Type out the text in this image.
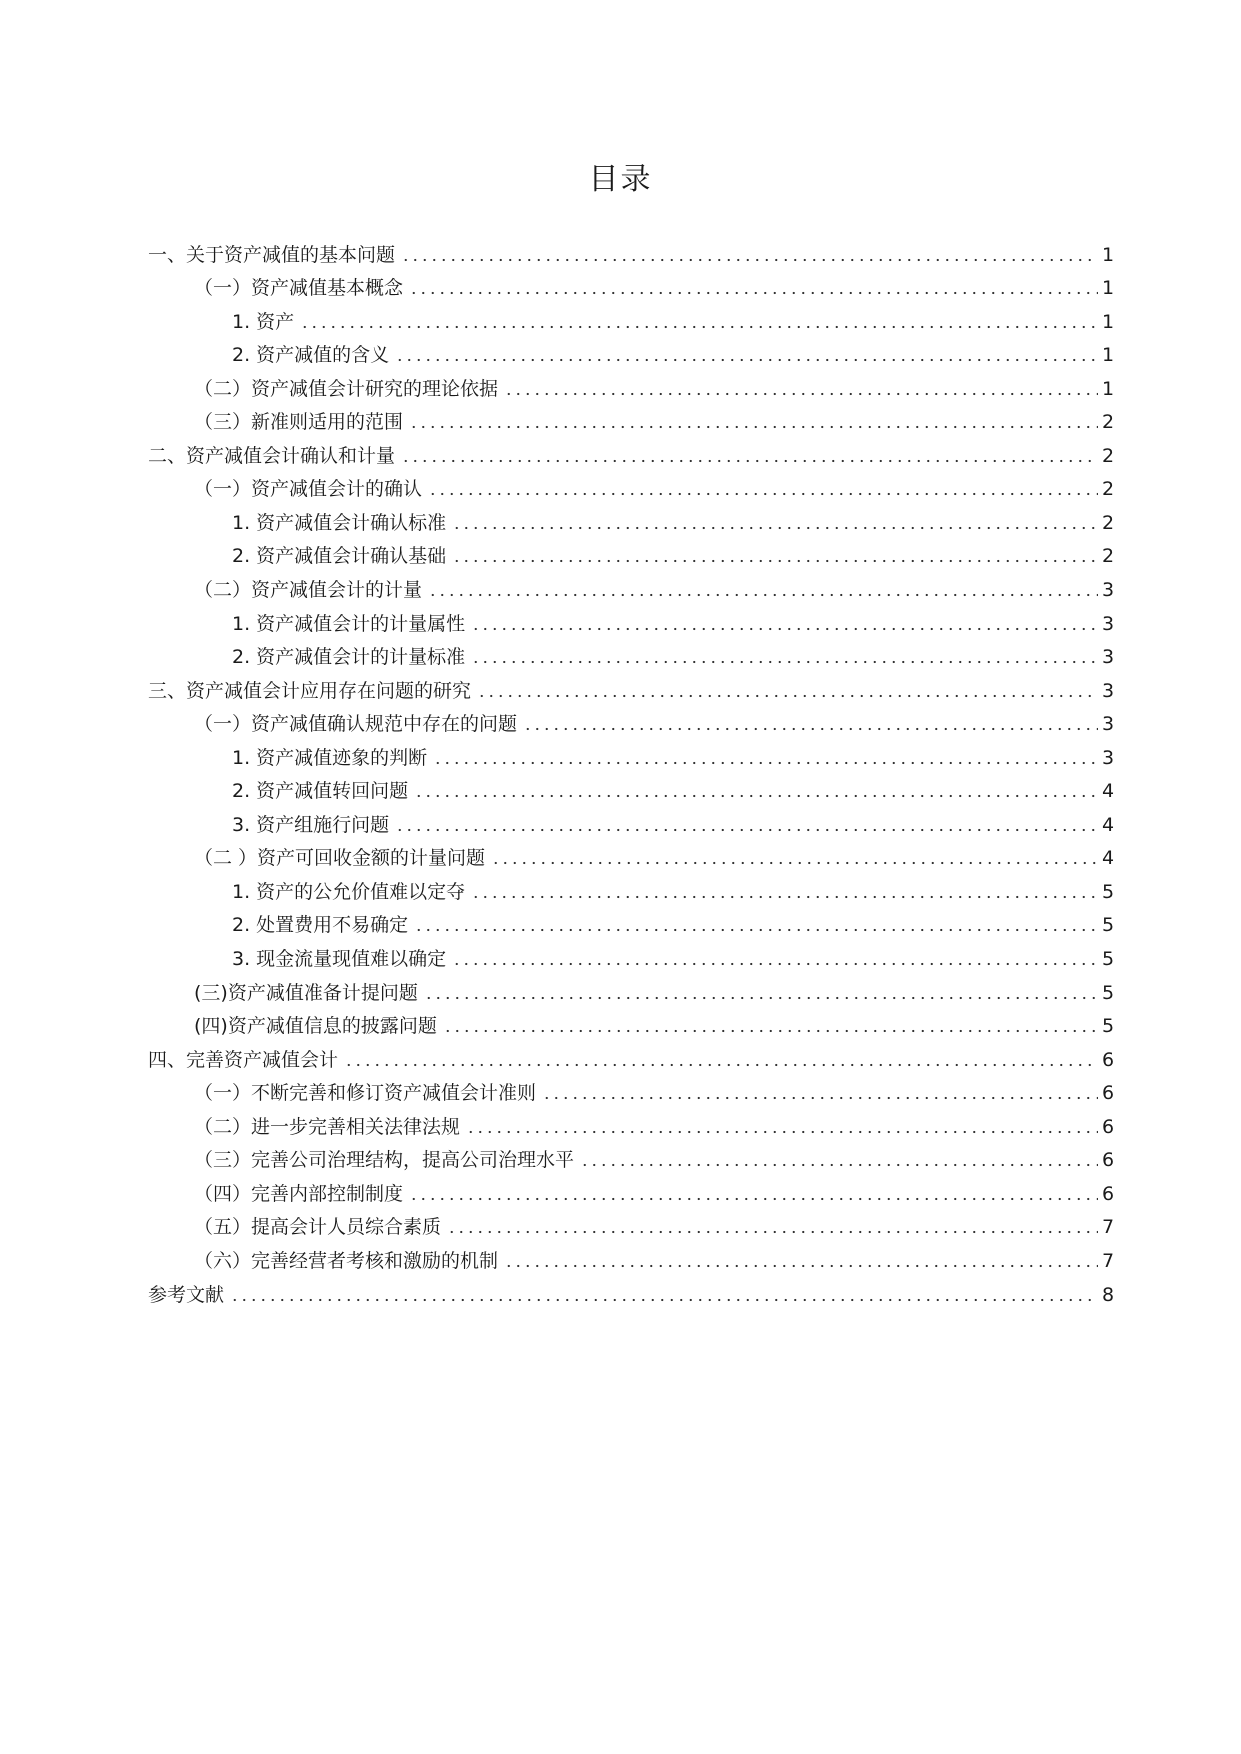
目录
一、关于资产减值的基本问题	1
（一）资产减值基本概念	1
1. 资产	1
2. 资产减值的含义	1
（二）资产减值会计研究的理论依据	1
（三）新准则适用的范围	2
二、资产减值会计确认和计量	2
（一）资产减值会计的确认	2
1. 资产减值会计确认标准	2
2. 资产减值会计确认基础	2
（二）资产减值会计的计量	3
1. 资产减值会计的计量属性	3
2. 资产减值会计的计量标准	3
三、资产减值会计应用存在问题的研究	3
（一）资产减值确认规范中存在的问题	3
1. 资产减值迹象的判断	3
2. 资产减值转回问题	4
3. 资产组施行问题	4
（二 ）资产可回收金额的计量问题	4
1. 资产的公允价值难以定夺	5
2. 处置费用不易确定	5
3. 现金流量现值难以确定	5
(三)资产减值准备计提问题	5
(四)资产减值信息的披露问题	5
四、完善资产减值会计	6
（一）不断完善和修订资产减值会计准则	6
（二）进一步完善相关法律法规	6
（三）完善公司治理结构，提高公司治理水平	6
（四）完善内部控制制度	6
（五）提高会计人员综合素质	7
（六）完善经营者考核和激励的机制	7
参考文献	8
